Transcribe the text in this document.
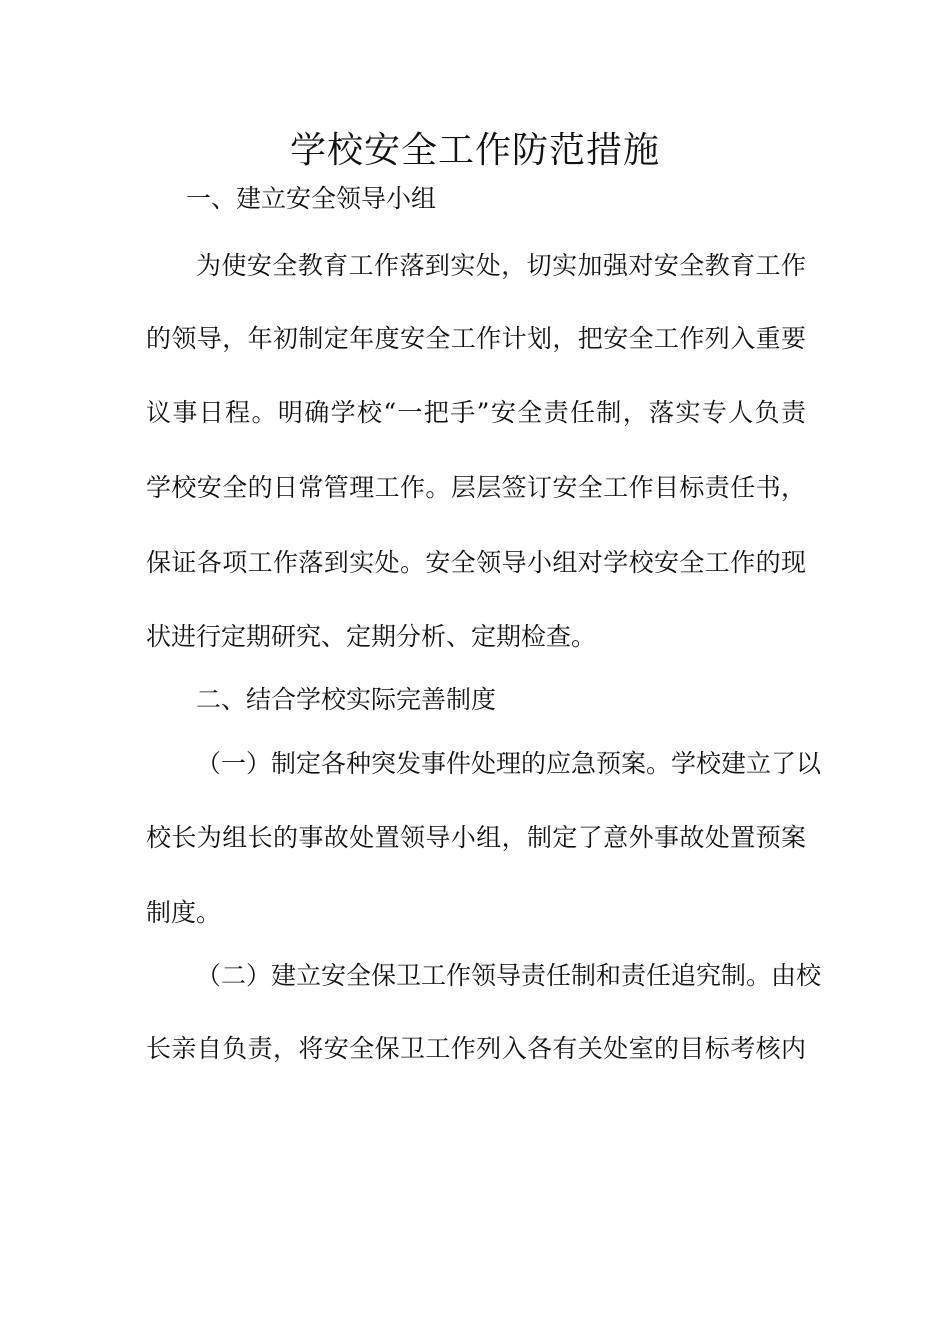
学校安全工作防范措施
一、建立安全领导小组
为使安全教育工作落到实处，切实加强对安全教育工作
的领导，年初制定年度安全工作计划，把安全工作列入重要
议事日程。明确学校“一把手”安全责任制，落实专人负责
学校安全的日常管理工作。层层签订安全工作目标责任书，
保证各项工作落到实处。安全领导小组对学校安全工作的现
状进行定期研究、定期分析、定期检查。
二、结合学校实际完善制度
（一）制定各种突发事件处理的应急预案。学校建立了以
校长为组长的事故处置领导小组，制定了意外事故处置预案
制度。
（二）建立安全保卫工作领导责任制和责任追究制。由校
长亲自负责，将安全保卫工作列入各有关处室的目标考核内
